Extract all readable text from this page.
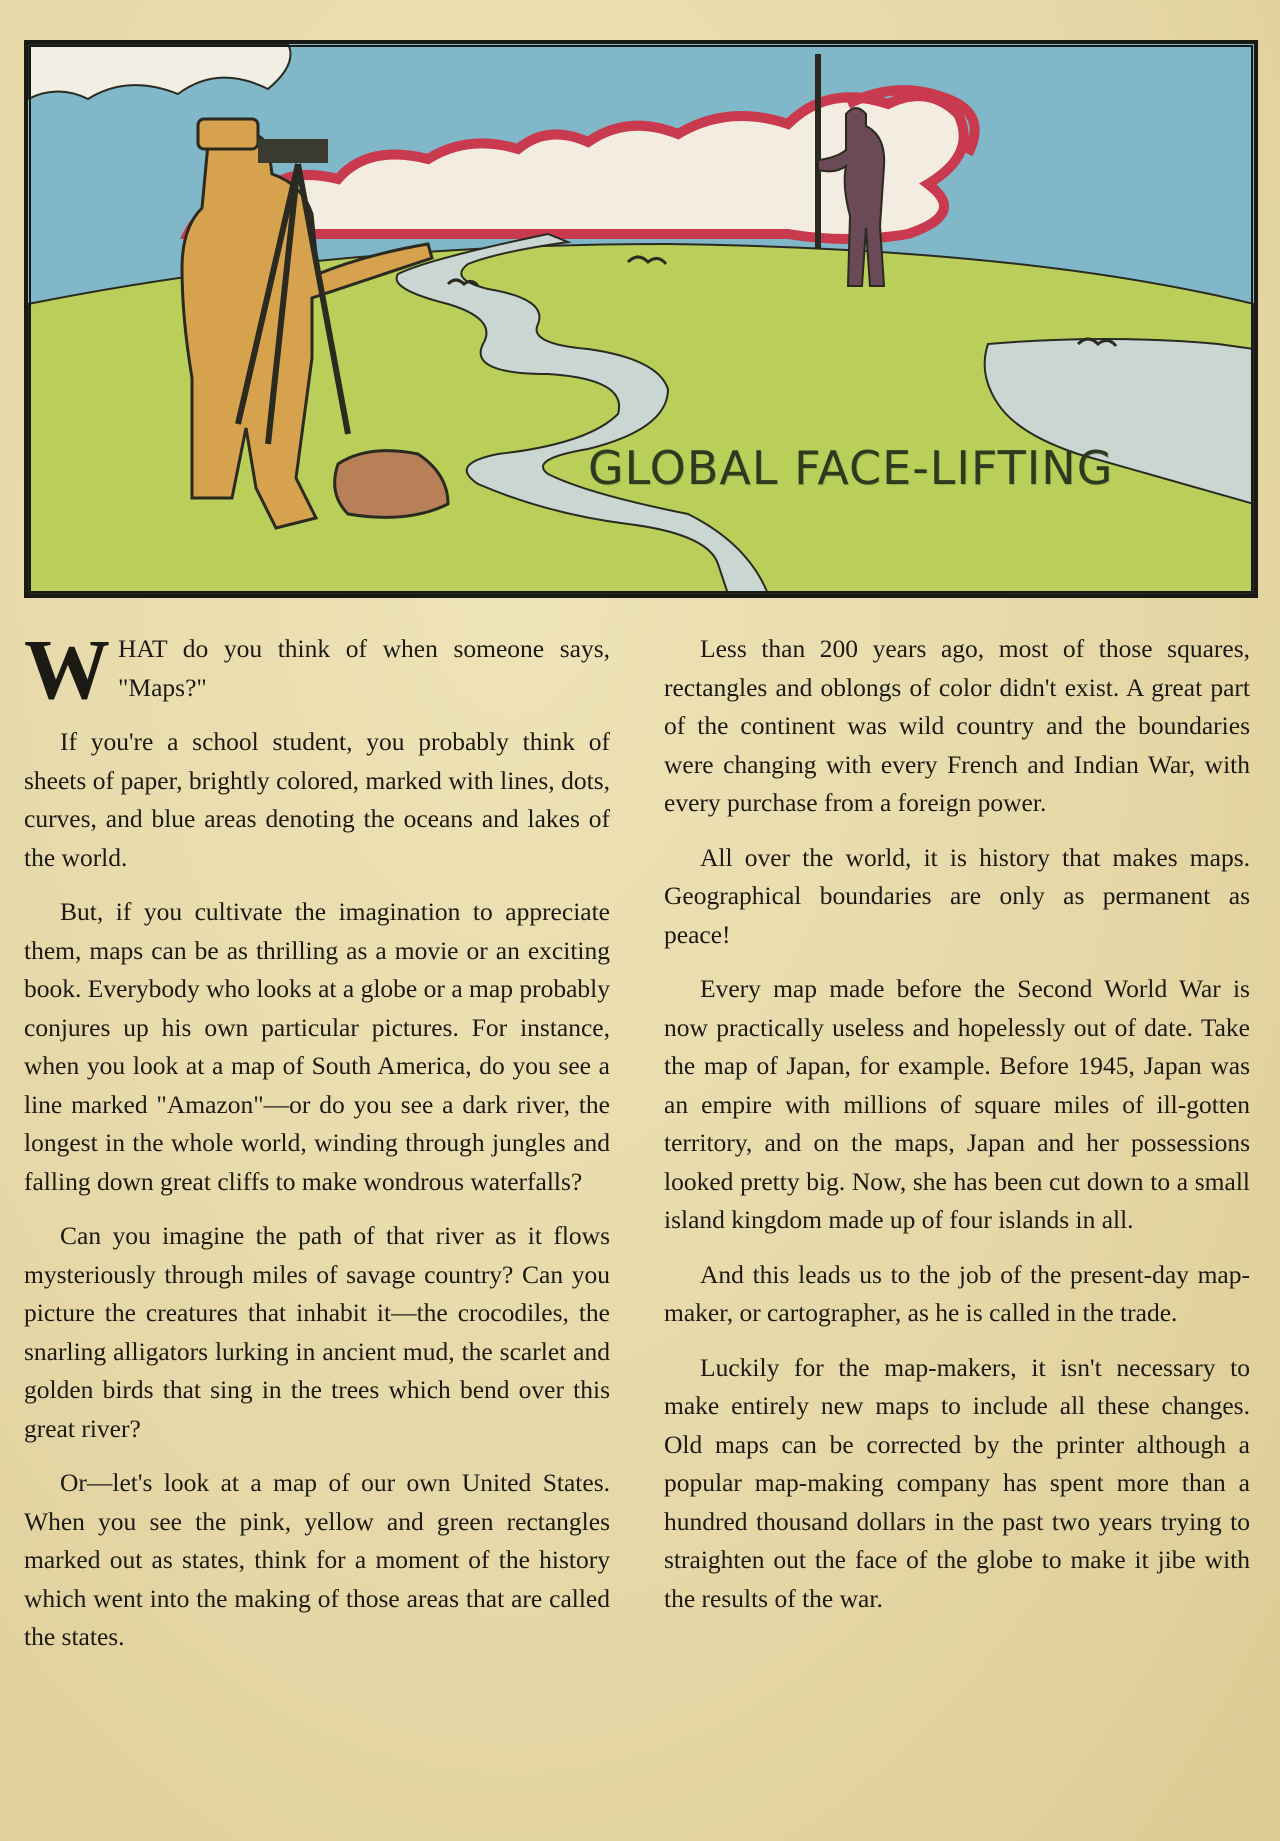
GLOBAL FACE-LIFTING

WHAT do you think of when someone says, "Maps?"

If you're a school student, you probably think of sheets of paper, brightly colored, marked with lines, dots, curves, and blue areas denoting the oceans and lakes of the world.

But, if you cultivate the imagination to appreciate them, maps can be as thrilling as a movie or an exciting book. Everybody who looks at a globe or a map probably conjures up his own particular pictures. For instance, when you look at a map of South America, do you see a line marked "Amazon"—or do you see a dark river, the longest in the whole world, winding through jungles and falling down great cliffs to make wondrous waterfalls?

Can you imagine the path of that river as it flows mysteriously through miles of savage country? Can you picture the creatures that inhabit it—the crocodiles, the snarling alligators lurking in ancient mud, the scarlet and golden birds that sing in the trees which bend over this great river?

Or—let's look at a map of our own United States. When you see the pink, yellow and green rectangles marked out as states, think for a moment of the history which went into the making of those areas that are called the states.

Less than 200 years ago, most of those squares, rectangles and oblongs of color didn't exist. A great part of the continent was wild country and the boundaries were changing with every French and Indian War, with every purchase from a foreign power.

All over the world, it is history that makes maps. Geographical boundaries are only as permanent as peace!

Every map made before the Second World War is now practically useless and hopelessly out of date. Take the map of Japan, for example. Before 1945, Japan was an empire with millions of square miles of ill-gotten territory, and on the maps, Japan and her possessions looked pretty big. Now, she has been cut down to a small island kingdom made up of four islands in all.

And this leads us to the job of the present-day map-maker, or cartographer, as he is called in the trade.

Luckily for the map-makers, it isn't necessary to make entirely new maps to include all these changes. Old maps can be corrected by the printer although a popular map-making company has spent more than a hundred thousand dollars in the past two years trying to straighten out the face of the globe to make it jibe with the results of the war.
